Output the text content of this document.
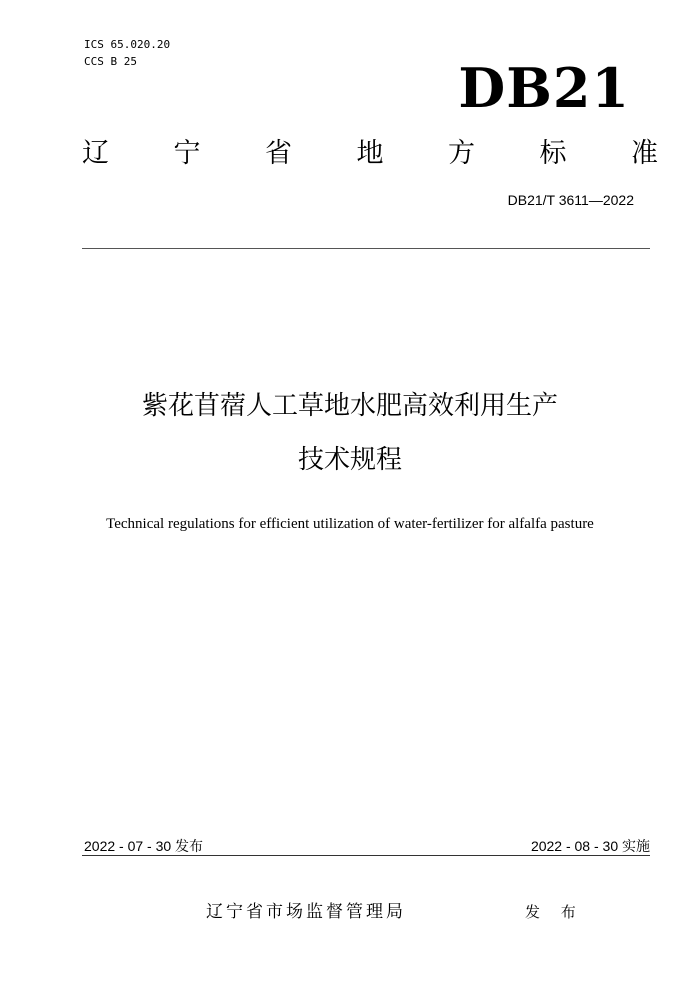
ICS 65.020.20
CCS B 25	DB21
辽 宁 省 地 方 标 准
DB21/T 3611—2022
紫花苜蓿人工草地水肥高效利用生产
技术规程
Technical regulations for efficient utilization of water-fertilizer for alfalfa pasture
2022 - 07 - 30 发布	2022 - 08 - 30 实施
辽宁省市场监督管理局	发 布
